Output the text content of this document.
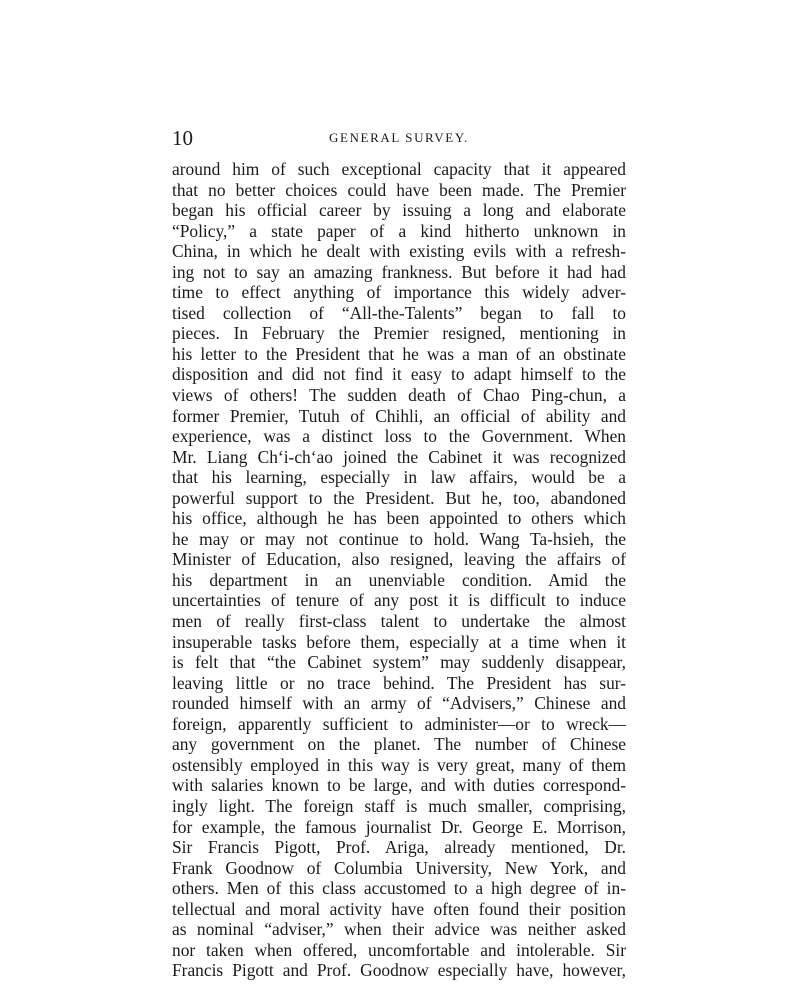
10	GENERAL SURVEY.
around him of such exceptional capacity that it appeared
that no better choices could have been made. The Premier
began his official career by issuing a long and elaborate
“Policy,” a state paper of a kind hitherto unknown in
China, in which he dealt with existing evils with a refresh-
ing not to say an amazing frankness. But before it had had
time to effect anything of importance this widely adver-
tised collection of “All-the-Talents” began to fall to
pieces. In February the Premier resigned, mentioning in
his letter to the President that he was a man of an obstinate
disposition and did not find it easy to adapt himself to the
views of others! The sudden death of Chao Ping-chun, a
former Premier, Tutuh of Chihli, an official of ability and
experience, was a distinct loss to the Government. When
Mr. Liang Ch‘i-ch‘ao joined the Cabinet it was recognized
that his learning, especially in law affairs, would be a
powerful support to the President. But he, too, abandoned
his office, although he has been appointed to others which
he may or may not continue to hold. Wang Ta-hsieh, the
Minister of Education, also resigned, leaving the affairs of
his department in an unenviable condition. Amid the
uncertainties of tenure of any post it is difficult to induce
men of really first-class talent to undertake the almost
insuperable tasks before them, especially at a time when it
is felt that “the Cabinet system” may suddenly disappear,
leaving little or no trace behind. The President has sur-
rounded himself with an army of “Advisers,” Chinese and
foreign, apparently sufficient to administer—or to wreck—
any government on the planet. The number of Chinese
ostensibly employed in this way is very great, many of them
with salaries known to be large, and with duties correspond-
ingly light. The foreign staff is much smaller, comprising,
for example, the famous journalist Dr. George E. Morrison,
Sir Francis Pigott, Prof. Ariga, already mentioned, Dr.
Frank Goodnow of Columbia University, New York, and
others. Men of this class accustomed to a high degree of in-
tellectual and moral activity have often found their position
as nominal “adviser,” when their advice was neither asked
nor taken when offered, uncomfortable and intolerable. Sir
Francis Pigott and Prof. Goodnow especially have, however,
